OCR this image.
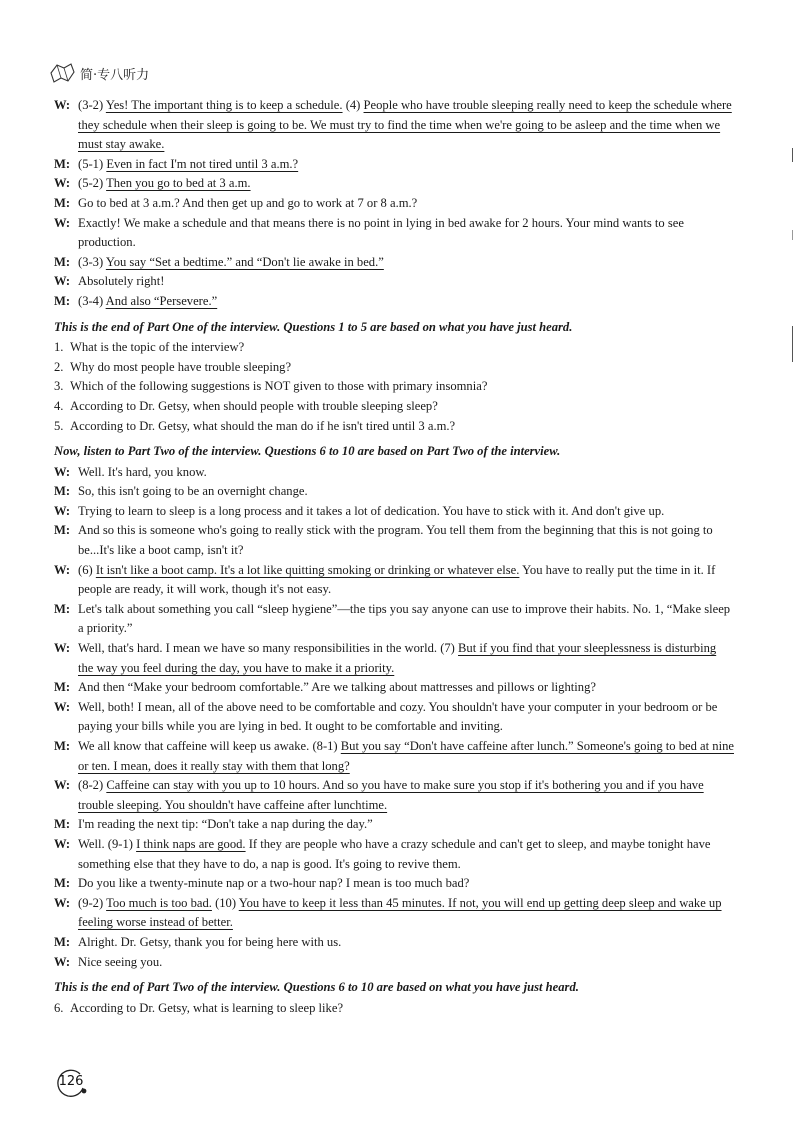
简·专八听力
W: (3-2) Yes! The important thing is to keep a schedule. (4) People who have trouble sleeping really need to keep the schedule where they schedule when their sleep is going to be. We must try to find the time when we're going to be asleep and the time when we must stay awake.
M: (5-1) Even in fact I'm not tired until 3 a.m.?
W: (5-2) Then you go to bed at 3 a.m.
M: Go to bed at 3 a.m.? And then get up and go to work at 7 or 8 a.m.?
W: Exactly! We make a schedule and that means there is no point in lying in bed awake for 2 hours. Your mind wants to see production.
M: (3-3) You say “Set a bedtime.” and “Don't lie awake in bed.”
W: Absolutely right!
M: (3-4) And also “Persevere.”
This is the end of Part One of the interview. Questions 1 to 5 are based on what you have just heard.
1. What is the topic of the interview?
2. Why do most people have trouble sleeping?
3. Which of the following suggestions is NOT given to those with primary insomnia?
4. According to Dr. Getsy, when should people with trouble sleeping sleep?
5. According to Dr. Getsy, what should the man do if he isn't tired until 3 a.m.?
Now, listen to Part Two of the interview. Questions 6 to 10 are based on Part Two of the interview.
W: Well. It's hard, you know.
M: So, this isn't going to be an overnight change.
W: Trying to learn to sleep is a long process and it takes a lot of dedication. You have to stick with it. And don't give up.
M: And so this is someone who's going to really stick with the program. You tell them from the beginning that this is not going to be...It's like a boot camp, isn't it?
W: (6) It isn't like a boot camp. It's a lot like quitting smoking or drinking or whatever else. You have to really put the time in it. If people are ready, it will work, though it's not easy.
M: Let's talk about something you call “sleep hygiene”—the tips you say anyone can use to improve their habits. No. 1, “Make sleep a priority.”
W: Well, that's hard. I mean we have so many responsibilities in the world. (7) But if you find that your sleeplessness is disturbing the way you feel during the day, you have to make it a priority.
M: And then “Make your bedroom comfortable.” Are we talking about mattresses and pillows or lighting?
W: Well, both! I mean, all of the above need to be comfortable and cozy. You shouldn't have your computer in your bedroom or be paying your bills while you are lying in bed. It ought to be comfortable and inviting.
M: We all know that caffeine will keep us awake. (8-1) But you say “Don't have caffeine after lunch.” Someone's going to bed at nine or ten. I mean, does it really stay with them that long?
W: (8-2) Caffeine can stay with you up to 10 hours. And so you have to make sure you stop if it's bothering you and if you have trouble sleeping. You shouldn't have caffeine after lunchtime.
M: I'm reading the next tip: “Don't take a nap during the day.”
W: Well. (9-1) I think naps are good. If they are people who have a crazy schedule and can't get to sleep, and maybe tonight have something else that they have to do, a nap is good. It's going to revive them.
M: Do you like a twenty-minute nap or a two-hour nap? I mean is too much bad?
W: (9-2) Too much is too bad. (10) You have to keep it less than 45 minutes. If not, you will end up getting deep sleep and wake up feeling worse instead of better.
M: Alright. Dr. Getsy, thank you for being here with us.
W: Nice seeing you.
This is the end of Part Two of the interview. Questions 6 to 10 are based on what you have just heard.
6. According to Dr. Getsy, what is learning to sleep like?
126
